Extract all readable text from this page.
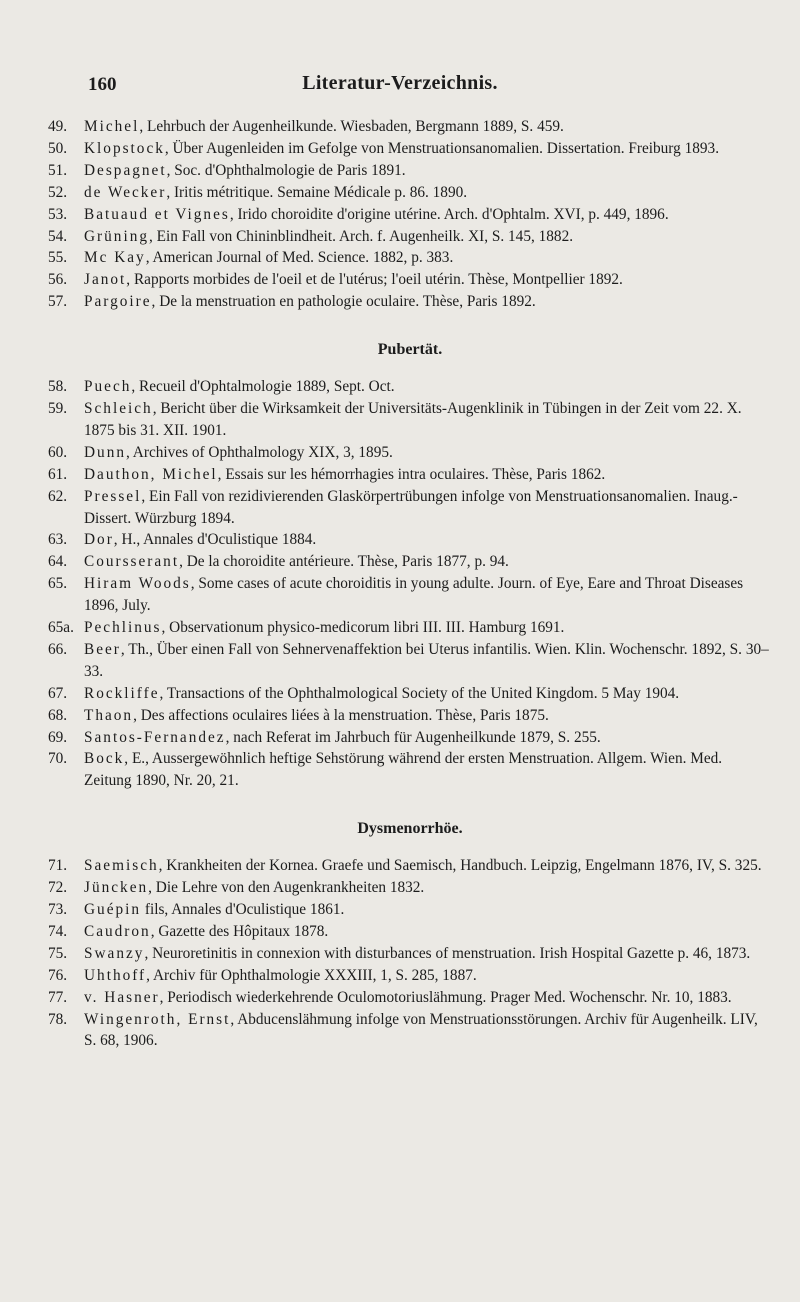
160	Literatur-Verzeichnis.
49. Michel, Lehrbuch der Augenheilkunde. Wiesbaden, Bergmann 1889, S. 459.
50. Klopstock, Über Augenleiden im Gefolge von Menstruationsanomalien. Dissertation. Freiburg 1893.
51. Despagnet, Soc. d'Ophthalmologie de Paris 1891.
52. de Wecker, Iritis métritique. Semaine Médicale p. 86. 1890.
53. Batuaud et Vignes, Irido choroidite d'origine utérine. Arch. d'Ophtalm. XVI, p. 449, 1896.
54. Grüning, Ein Fall von Chininblindheit. Arch. f. Augenheilk. XI, S. 145, 1882.
55. Mc Kay, American Journal of Med. Science. 1882, p. 383.
56. Janot, Rapports morbides de l'oeil et de l'utérus; l'oeil utérin. Thèse, Montpellier 1892.
57. Pargoire, De la menstruation en pathologie oculaire. Thèse, Paris 1892.
Pubertät.
58. Puech, Recueil d'Ophtalmologie 1889, Sept. Oct.
59. Schleich, Bericht über die Wirksamkeit der Universitäts-Augenklinik in Tübingen in der Zeit vom 22. X. 1875 bis 31. XII. 1901.
60. Dunn, Archives of Ophthalmology XIX, 3, 1895.
61. Dauthon, Michel, Essais sur les hémorrhagies intra oculaires. Thèse, Paris 1862.
62. Pressel, Ein Fall von rezidivierenden Glaskörpertrübungen infolge von Menstruationsanomalien. Inaug.-Dissert. Würzburg 1894.
63. Dor, H., Annales d'Oculistique 1884.
64. Coursserant, De la choroidite antérieure. Thèse, Paris 1877, p. 94.
65. Hiram Woods, Some cases of acute choroiditis in young adulte. Journ. of Eye, Eare and Throat Diseases 1896, July.
65a. Pechlinus, Observationum physico-medicorum libri III. III. Hamburg 1691.
66. Beer, Th., Über einen Fall von Sehnervenaffektion bei Uterus infantilis. Wien. Klin. Wochenschr. 1892, S. 30–33.
67. Rockliffe, Transactions of the Ophthalmological Society of the United Kingdom. 5 May 1904.
68. Thaon, Des affections oculaires liées à la menstruation. Thèse, Paris 1875.
69. Santos-Fernandez, nach Referat im Jahrbuch für Augenheilkunde 1879, S. 255.
70. Bock, E., Aussergewöhnlich heftige Sehstörung während der ersten Menstruation. Allgem. Wien. Med. Zeitung 1890, Nr. 20, 21.
Dysmenorrhöe.
71. Saemisch, Krankheiten der Kornea. Graefe und Saemisch, Handbuch. Leipzig, Engelmann 1876, IV, S. 325.
72. Jüncken, Die Lehre von den Augenkrankheiten 1832.
73. Guépin fils, Annales d'Oculistique 1861.
74. Caudron, Gazette des Hôpitaux 1878.
75. Swanzy, Neuroretinitis in connexion with disturbances of menstruation. Irish Hospital Gazette p. 46, 1873.
76. Uhthoff, Archiv für Ophthalmologie XXXIII, 1, S. 285, 1887.
77. v. Hasner, Periodisch wiederkehrende Oculomotoriuslähmung. Prager Med. Wochenschr. Nr. 10, 1883.
78. Wingenroth, Ernst, Abducenslähmung infolge von Menstruationsstörungen. Archiv für Augenheilk. LIV, S. 68, 1906.
